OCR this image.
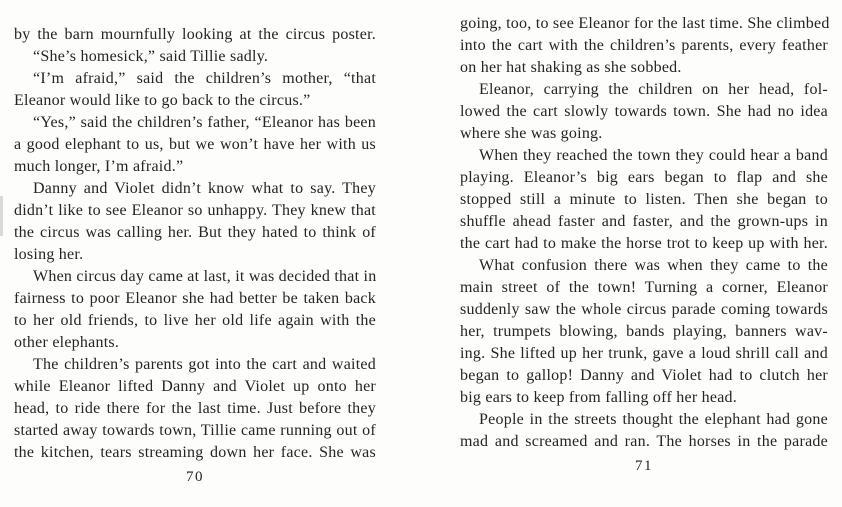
by the barn mournfully looking at the circus poster.
“She’s homesick,” said Tillie sadly.
“I’m afraid,” said the children’s mother, “that
Eleanor would like to go back to the circus.”
“Yes,” said the children’s father, “Eleanor has been
a good elephant to us, but we won’t have her with us
much longer, I’m afraid.”
Danny and Violet didn’t know what to say. They
didn’t like to see Eleanor so unhappy. They knew that
the circus was calling her. But they hated to think of
losing her.
When circus day came at last, it was decided that in
fairness to poor Eleanor she had better be taken back
to her old friends, to live her old life again with the
other elephants.
The children’s parents got into the cart and waited
while Eleanor lifted Danny and Violet up onto her
head, to ride there for the last time. Just before they
started away towards town, Tillie came running out of
the kitchen, tears streaming down her face. She was
70
going, too, to see Eleanor for the last time. She climbed
into the cart with the children’s parents, every feather
on her hat shaking as she sobbed.
Eleanor, carrying the children on her head, fol-
lowed the cart slowly towards town. She had no idea
where she was going.
When they reached the town they could hear a band
playing. Eleanor’s big ears began to flap and she
stopped still a minute to listen. Then she began to
shuffle ahead faster and faster, and the grown-ups in
the cart had to make the horse trot to keep up with her.
What confusion there was when they came to the
main street of the town! Turning a corner, Eleanor
suddenly saw the whole circus parade coming towards
her, trumpets blowing, bands playing, banners wav-
ing. She lifted up her trunk, gave a loud shrill call and
began to gallop! Danny and Violet had to clutch her
big ears to keep from falling off her head.
People in the streets thought the elephant had gone
mad and screamed and ran. The horses in the parade
71
